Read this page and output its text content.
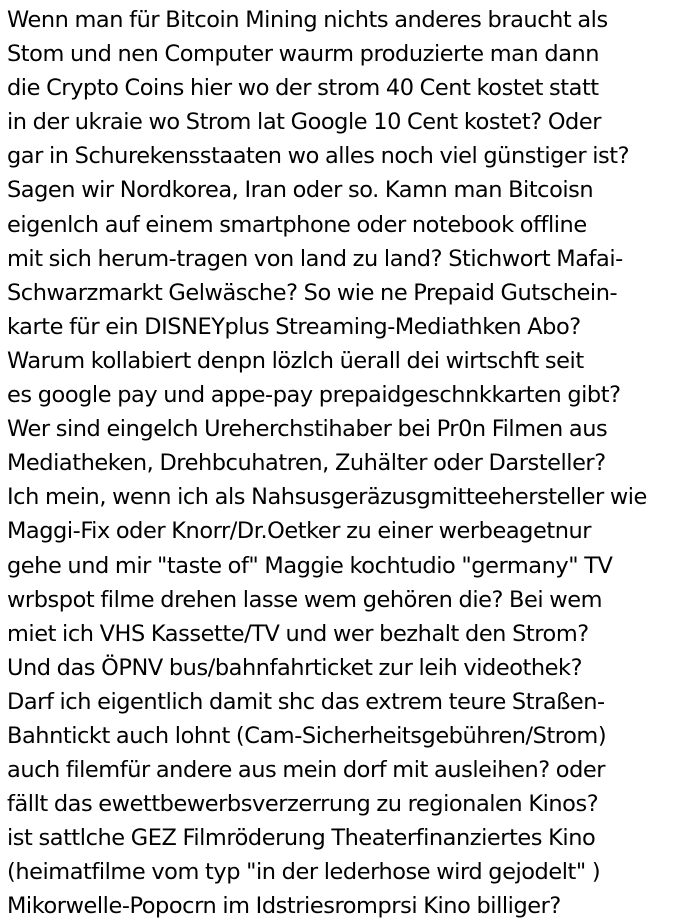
Wenn man für Bitcoin Mining nichts anderes braucht als
Stom und nen Computer waurm produzierte man dann
die Crypto Coins hier wo der strom 40 Cent kostet statt
in der ukraie wo Strom lat Google 10 Cent kostet? Oder
gar in Schurekensstaaten wo alles noch viel günstiger ist?
Sagen wir Nordkorea, Iran oder so. Kamn man Bitcoisn
eigenlch auf einem smartphone oder notebook offline
mit sich herum-tragen von land zu land? Stichwort Mafai-
Schwarzmarkt Gelwäsche? So wie ne Prepaid Gutschein-
karte für ein DISNEYplus Streaming-Mediathken Abo?
Warum kollabiert denpn lözlch üerall dei wirtschft seit
es google pay und appe-pay prepaidgeschnkkarten gibt?
Wer sind eingelch Ureherchstihaber bei Pr0n Filmen aus
Mediatheken, Drehbcuhatren, Zuhälter oder Darsteller?
Ich mein, wenn ich als Nahsusgeräzusgmitteehersteller wie
Maggi-Fix oder Knorr/Dr.Oetker zu einer werbeagetnur
gehe und mir "taste of" Maggie kochtudio "germany" TV
wrbspot filme drehen lasse wem gehören die? Bei wem
miet ich VHS Kassette/TV und wer bezhalt den Strom?
Und das ÖPNV bus/bahnfahrticket zur leih videothek?
Darf ich eigentlich damit shc das extrem teure Straßen-
Bahntickt auch lohnt (Cam-Sicherheitsgebühren/Strom)
auch filemfür andere aus mein dorf mit ausleihen? oder
fällt das ewettbewerbsverzerrung zu regionalen Kinos?
ist sattlche GEZ Filmröderung Theaterfinanziertes Kino
(heimatfilme vom typ "in der lederhose wird gejodelt" )
Mikorwelle-Popocrn im Idstriesromprsi Kino billiger?
